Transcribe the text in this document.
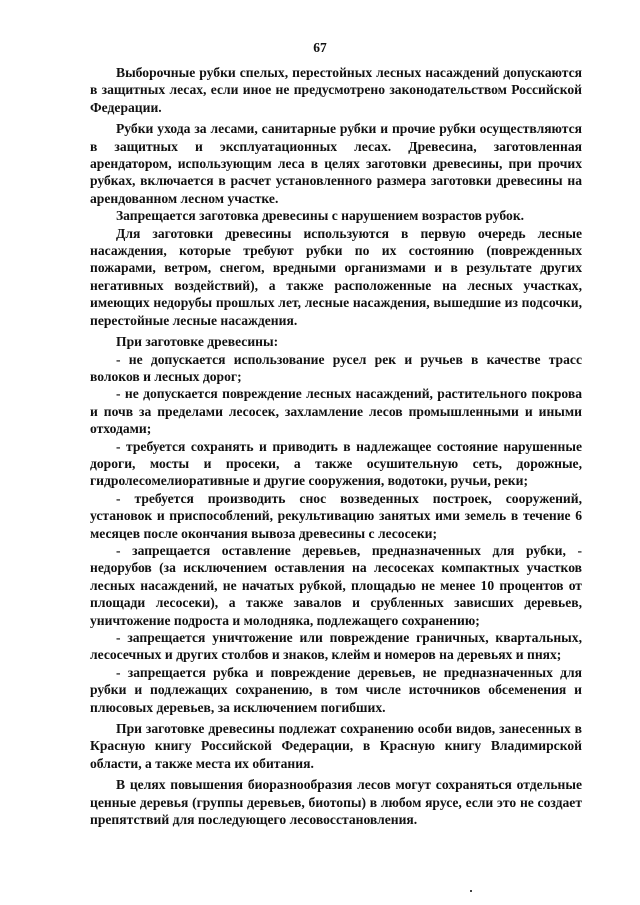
67

Выборочные рубки спелых, перестойных лесных насаждений допускаются в защитных лесах, если иное не предусмотрено законодательством Российской Федерации.

Рубки ухода за лесами, санитарные рубки и прочие рубки осуществляются в защитных и эксплуатационных лесах. Древесина, заготовленная арендатором, использующим леса в целях заготовки древесины, при прочих рубках, включается в расчет установленного размера заготовки древесины на арендованном лесном участке.

Запрещается заготовка древесины с нарушением возрастов рубок.

Для заготовки древесины используются в первую очередь лесные насаждения, которые требуют рубки по их состоянию (поврежденных пожарами, ветром, снегом, вредными организмами и в результате других негативных воздействий), а также расположенные на лесных участках, имеющих недорубы прошлых лет, лесные насаждения, вышедшие из подсочки, перестойные лесные насаждения.

При заготовке древесины:

- не допускается использование русел рек и ручьев в качестве трасс волоков и лесных дорог;

- не допускается повреждение лесных насаждений, растительного покрова и почв за пределами лесосек, захламление лесов промышленными и иными отходами;

- требуется сохранять и приводить в надлежащее состояние нарушенные дороги, мосты и просеки, а также осушительную сеть, дорожные, гидролесомелиоративные и другие сооружения, водотоки, ручьи, реки;

- требуется производить снос возведенных построек, сооружений, установок и приспособлений, рекультивацию занятых ими земель в течение 6 месяцев после окончания вывоза древесины с лесосеки;

- запрещается оставление деревьев, предназначенных для рубки, - недорубов (за исключением оставления на лесосеках компактных участков лесных насаждений, не начатых рубкой, площадью не менее 10 процентов от площади лесосеки), а также завалов и срубленных зависших деревьев, уничтожение подроста и молодняка, подлежащего сохранению;

- запрещается уничтожение или повреждение граничных, квартальных, лесосечных и других столбов и знаков, клейм и номеров на деревьях и пнях;

- запрещается рубка и повреждение деревьев, не предназначенных для рубки и подлежащих сохранению, в том числе источников обсеменения и плюсовых деревьев, за исключением погибших.

При заготовке древесины подлежат сохранению особи видов, занесенных в Красную книгу Российской Федерации, в Красную книгу Владимирской области, а также места их обитания.

В целях повышения биоразнообразия лесов могут сохраняться отдельные ценные деревья (группы деревьев, биотопы) в любом ярусе, если это не создает препятствий для последующего лесовосстановления.
